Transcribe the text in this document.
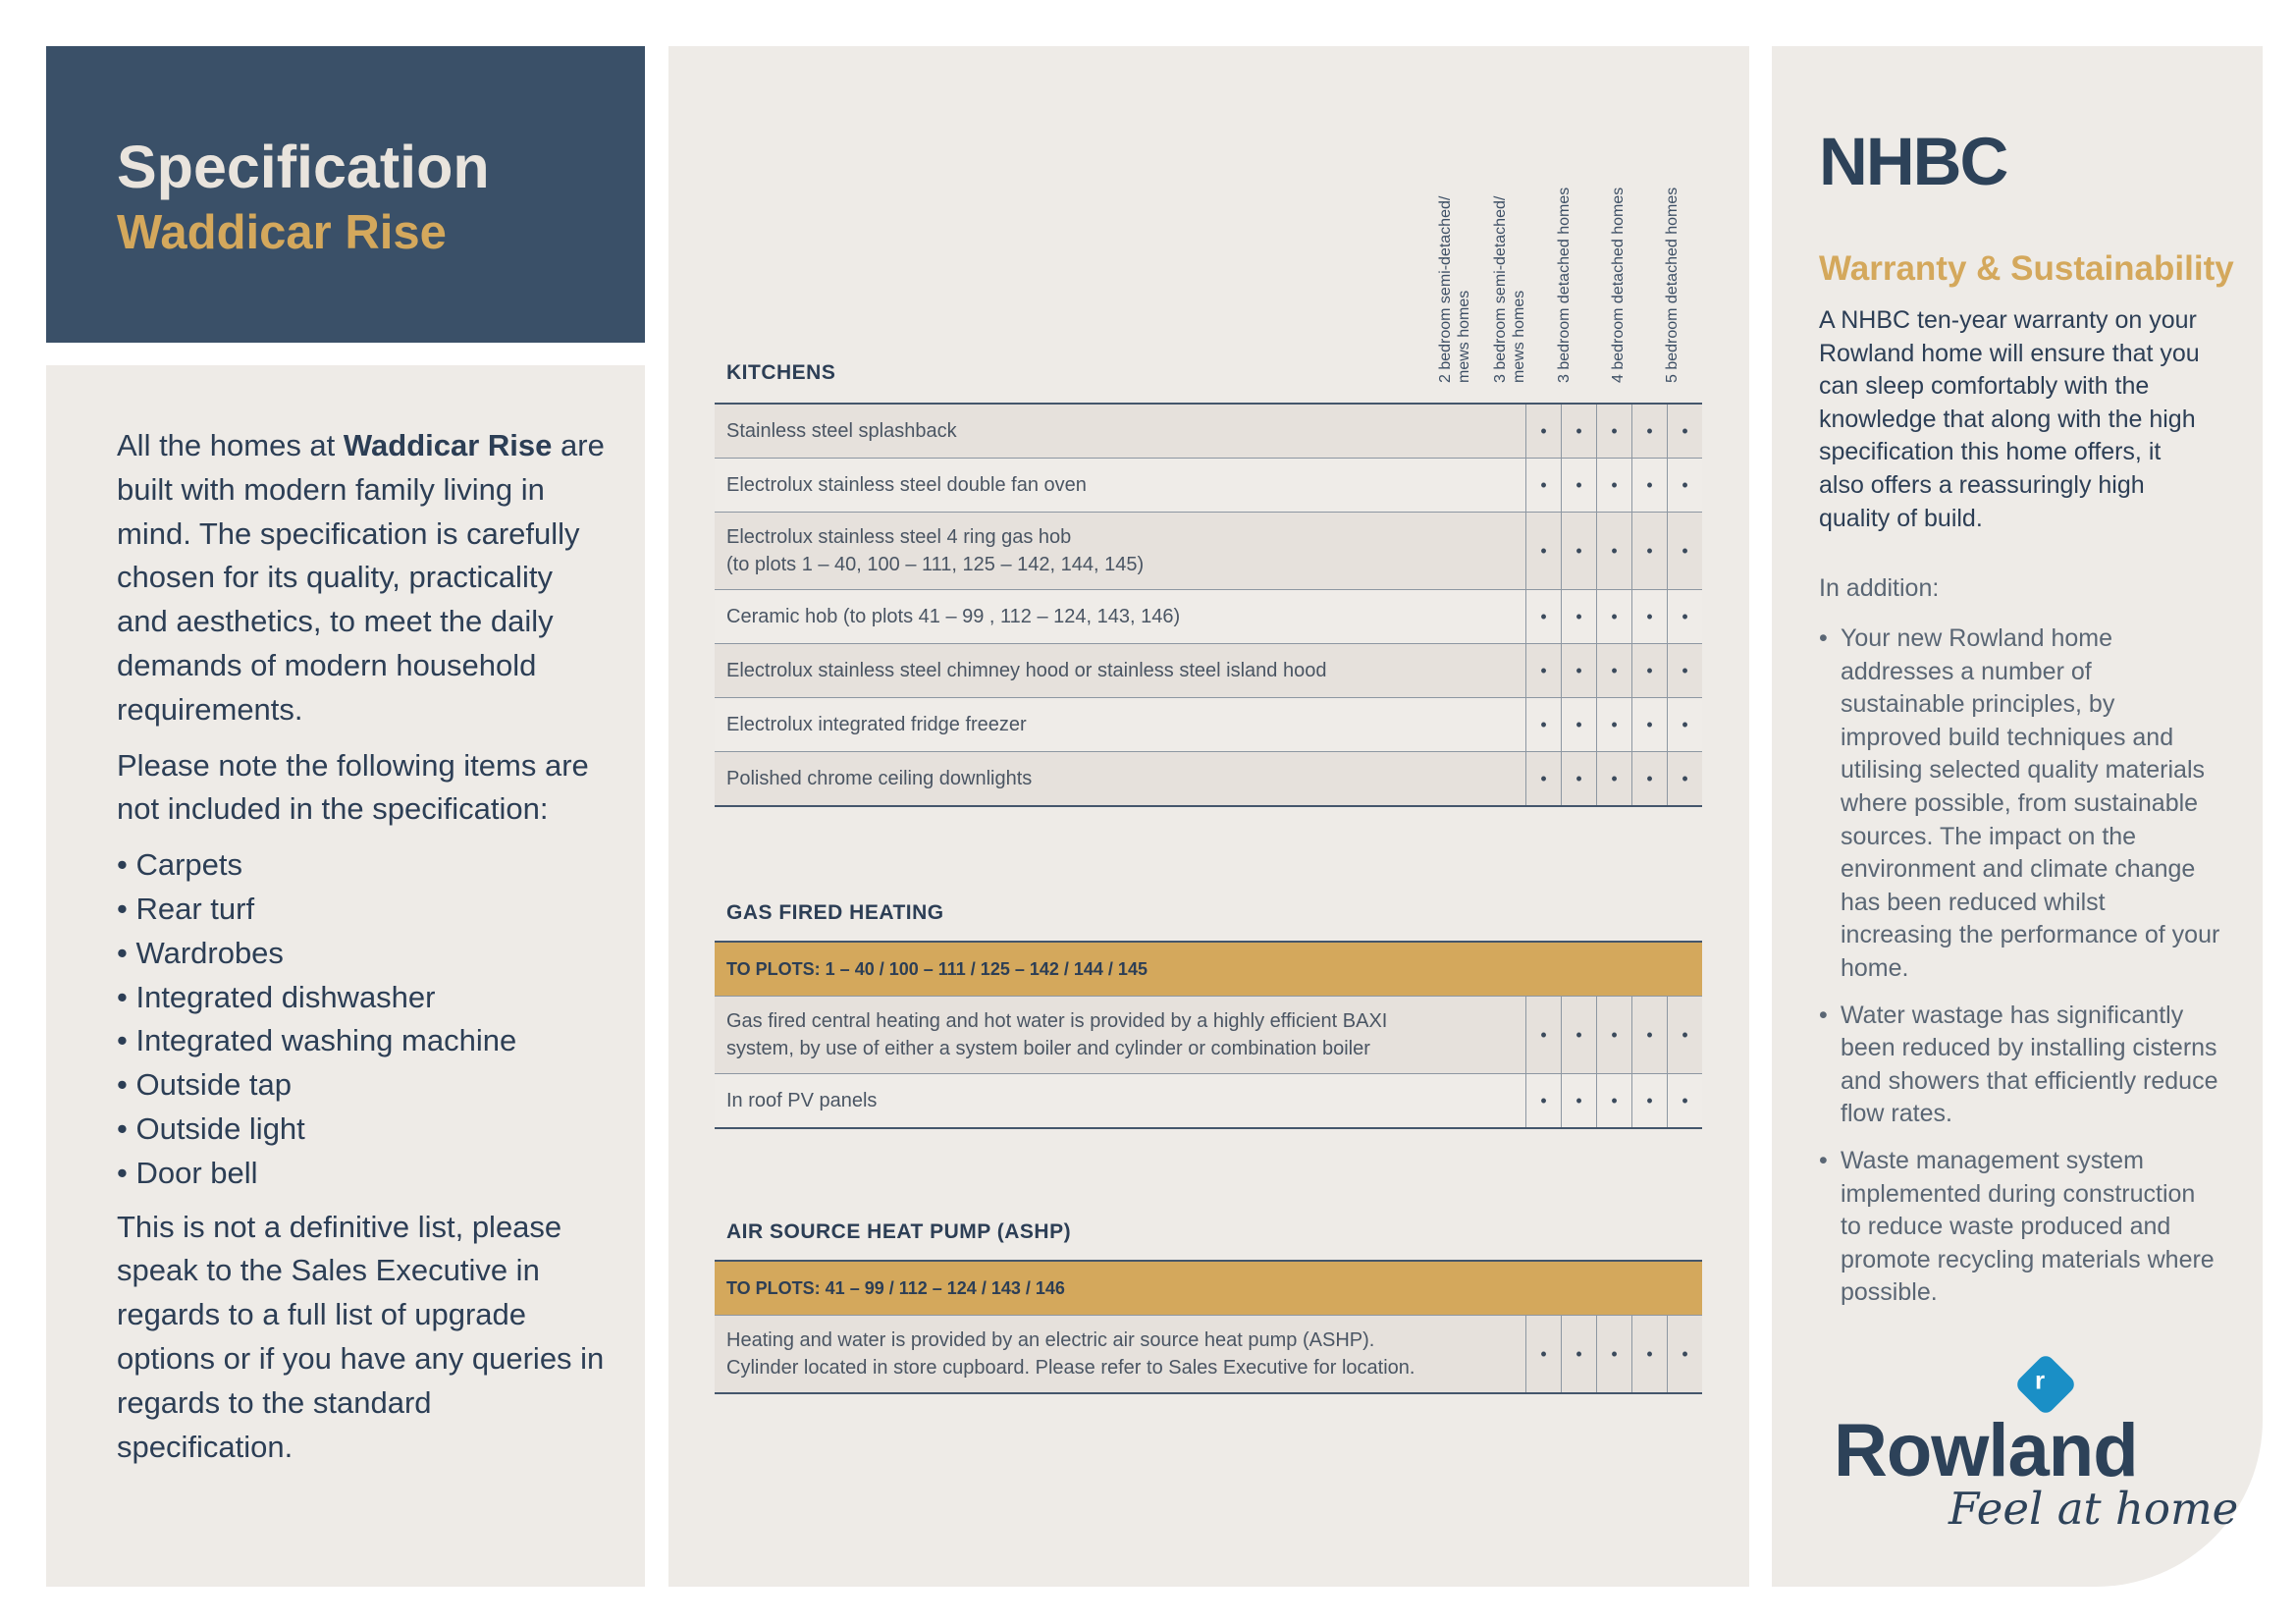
Specification
Waddicar Rise

All the homes at Waddicar Rise are built with modern family living in mind. The specification is carefully chosen for its quality, practicality and aesthetics, to meet the daily demands of modern household requirements.

Please note the following items are not included in the specification:

• Carpets
• Rear turf
• Wardrobes
• Integrated dishwasher
• Integrated washing machine
• Outside tap
• Outside light
• Door bell

This is not a definitive list, please speak to the Sales Executive in regards to a full list of upgrade options or if you have any queries in regards to the standard specification.

2 bedroom semi-detached/ mews homes 3 bedroom semi-detached/ mews homes 3 bedroom detached homes 4 bedroom detached homes 5 bedroom detached homes
KITCHENS
Stainless steel splashback	•	•	•	•	•
Electrolux stainless steel double fan oven	•	•	•	•	•
Electrolux stainless steel 4 ring gas hob
(to plots 1 – 40, 100 – 111, 125 – 142, 144, 145)	•	•	•	•	•
Ceramic hob (to plots 41 – 99 , 112 – 124, 143, 146)	•	•	•	•	•
Electrolux stainless steel chimney hood or stainless steel island hood	•	•	•	•	•
Electrolux integrated fridge freezer	•	•	•	•	•
Polished chrome ceiling downlights	•	•	•	•	•
GAS FIRED HEATING
TO PLOTS: 1 – 40 / 100 – 111 / 125 – 142 / 144 / 145					
Gas fired central heating and hot water is provided by a highly efficient BAXI
system, by use of either a system boiler and cylinder or combination boiler	•	•	•	•	•
In roof PV panels	•	•	•	•	•
AIR SOURCE HEAT PUMP (ASHP)
TO PLOTS: 41 – 99 / 112 – 124 / 143 / 146
Heating and water is provided by an electric air source heat pump (ASHP).
Cylinder located in store cupboard. Please refer to Sales Executive for location.	•	•	•	•	•
NHBC
Warranty & Sustainability
A NHBC ten-year warranty on your Rowland home will ensure that you can sleep comfortably with the knowledge that along with the high specification this home offers, it also offers a reassuringly high quality of build.
In addition:
• Your new Rowland home addresses a number of sustainable principles, by improved build techniques and utilising selected quality materials where possible, from sustainable sources. The impact on the environment and climate change has been reduced whilst increasing the performance of your home.
• Water wastage has significantly been reduced by installing cisterns and showers that efficiently reduce flow rates.
• Waste management system implemented during construction to reduce waste produced and promote recycling materials where possible.
r
Rowland
Feel at home
